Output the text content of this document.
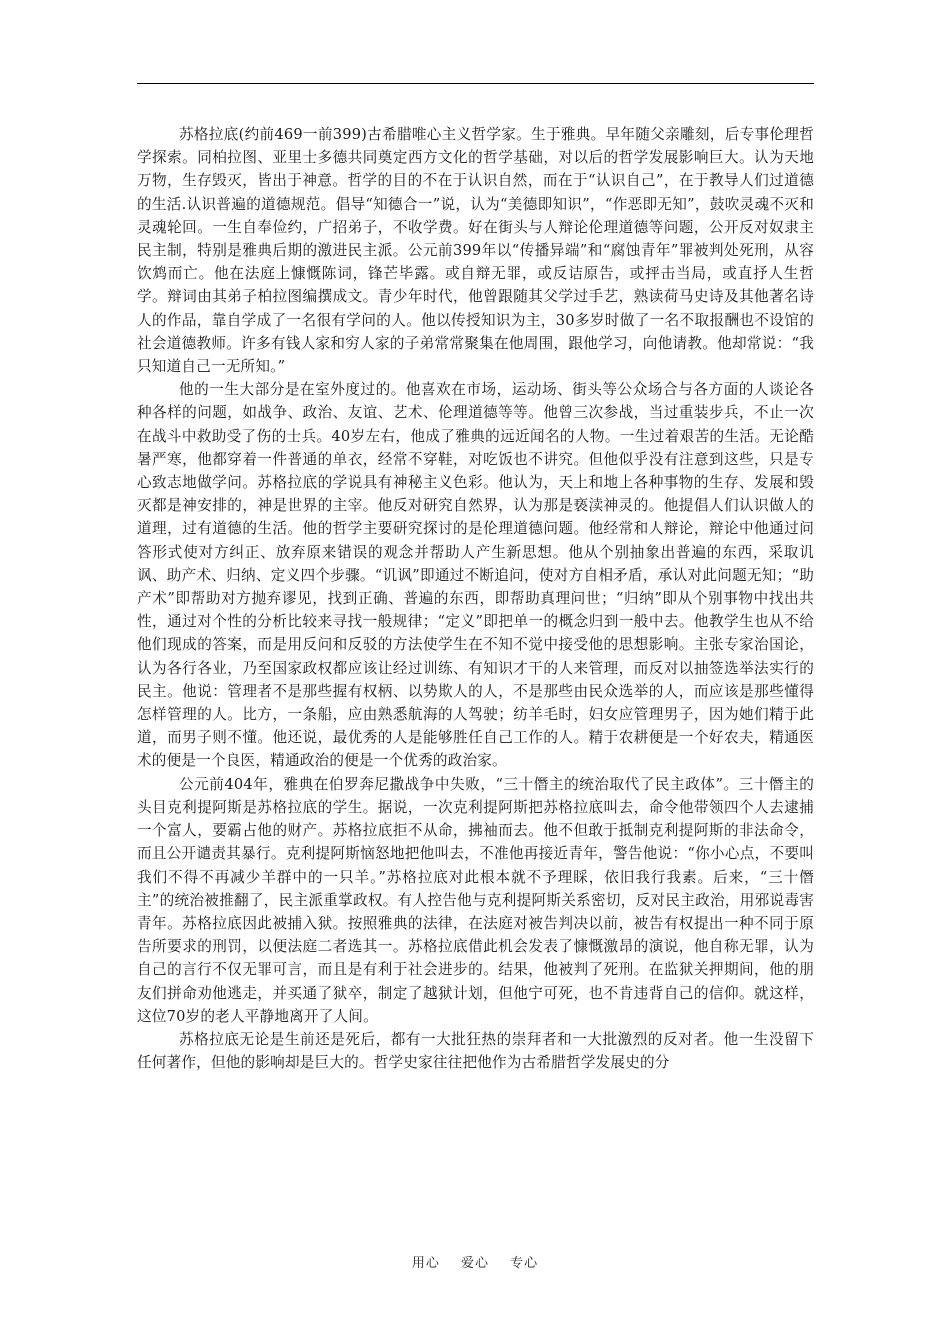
苏格拉底(约前469一前399)古希腊唯心主义哲学家。生于雅典。早年随父亲雕刻，后专事伦理哲学探索。同柏拉图、亚里士多德共同奠定西方文化的哲学基础，对以后的哲学发展影响巨大。认为天地万物，生存毁灭，皆出于神意。哲学的目的不在于认识自然，而在于“认识自己”，在于教导人们过道德的生活.认识普遍的道德规范。倡导“知德合一”说，认为“美德即知识”，“作恶即无知”，鼓吹灵魂不灭和灵魂轮回。一生自奉俭约，广招弟子，不收学费。好在街头与人辩论伦理道德等问题，公开反对奴隶主民主制，特别是雅典后期的激进民主派。公元前399年以“传播异端”和“腐蚀青年”罪被判处死刑，从容饮鸩而亡。他在法庭上慷慨陈词，锋芒毕露。或自辩无罪，或反诘原告，或抨击当局，或直抒人生哲学。辩词由其弟子柏拉图编撰成文。青少年时代，他曾跟随其父学过手艺，熟读荷马史诗及其他著名诗人的作品，靠自学成了一名很有学问的人。他以传授知识为主，30多岁时做了一名不取报酬也不设馆的社会道德教师。许多有钱人家和穷人家的子弟常常聚集在他周围，跟他学习，向他请教。他却常说：“我只知道自己一无所知。”

他的一生大部分是在室外度过的。他喜欢在市场，运动场、街头等公众场合与各方面的人谈论各种各样的问题，如战争、政治、友谊、艺术、伦理道德等等。他曾三次参战，当过重装步兵，不止一次在战斗中救助受了伤的士兵。40岁左右，他成了雅典的远近闻名的人物。一生过着艰苦的生活。无论酷暑严寒，他都穿着一件普通的单衣，经常不穿鞋，对吃饭也不讲究。但他似乎没有注意到这些，只是专心致志地做学问。苏格拉底的学说具有神秘主义色彩。他认为，天上和地上各种事物的生存、发展和毁灭都是神安排的，神是世界的主宰。他反对研究自然界，认为那是亵渎神灵的。他提倡人们认识做人的道理，过有道德的生活。他的哲学主要研究探讨的是伦理道德问题。他经常和人辩论，辩论中他通过问答形式使对方纠正、放弃原来错误的观念并帮助人产生新思想。他从个别抽象出普遍的东西，采取讥讽、助产术、归纳、定义四个步骤。“讥讽”即通过不断追问，使对方自相矛盾，承认对此问题无知；“助产术”即帮助对方抛弃谬见，找到正确、普遍的东西，即帮助真理问世；“归纳”即从个别事物中找出共性，通过对个性的分析比较来寻找一般规律；“定义”即把单一的概念归到一般中去。他教学生也从不给他们现成的答案，而是用反问和反驳的方法使学生在不知不觉中接受他的思想影响。主张专家治国论，认为各行各业，乃至国家政权都应该让经过训练、有知识才干的人来管理，而反对以抽签选举法实行的民主。他说：管理者不是那些握有权柄、以势欺人的人，不是那些由民众选举的人，而应该是那些懂得怎样管理的人。比方，一条船，应由熟悉航海的人驾驶；纺羊毛时，妇女应管理男子，因为她们精于此道，而男子则不懂。他还说，最优秀的人是能够胜任自己工作的人。精于农耕便是一个好农夫，精通医术的便是一个良医，精通政治的便是一个优秀的政治家。

公元前404年，雅典在伯罗奔尼撒战争中失败，“三十僭主的统治取代了民主政体”。三十僭主的头目克利提阿斯是苏格拉底的学生。据说，一次克利提阿斯把苏格拉底叫去，命令他带领四个人去逮捕一个富人，要霸占他的财产。苏格拉底拒不从命，拂袖而去。他不但敢于抵制克利提阿斯的非法命令，而且公开谴责其暴行。克利提阿斯恼怒地把他叫去，不准他再接近青年，警告他说：“你小心点，不要叫我们不得不再减少羊群中的一只羊。”苏格拉底对此根本就不予理睬，依旧我行我素。后来，“三十僭主”的统治被推翻了，民主派重掌政权。有人控告他与克利提阿斯关系密切，反对民主政治，用邪说毒害青年。苏格拉底因此被捕入狱。按照雅典的法律，在法庭对被告判决以前，被告有权提出一种不同于原告所要求的刑罚，以便法庭二者选其一。苏格拉底借此机会发表了慷慨激昂的演说，他自称无罪，认为自己的言行不仅无罪可言，而且是有利于社会进步的。结果，他被判了死刑。在监狱关押期间，他的朋友们拼命劝他逃走，并买通了狱卒，制定了越狱计划，但他宁可死，也不肯违背自己的信仰。就这样，这位70岁的老人平静地离开了人间。

苏格拉底无论是生前还是死后，都有一大批狂热的崇拜者和一大批激烈的反对者。他一生没留下任何著作，但他的影响却是巨大的。哲学史家往往把他作为古希腊哲学发展史的分

用心 爱心 专心
